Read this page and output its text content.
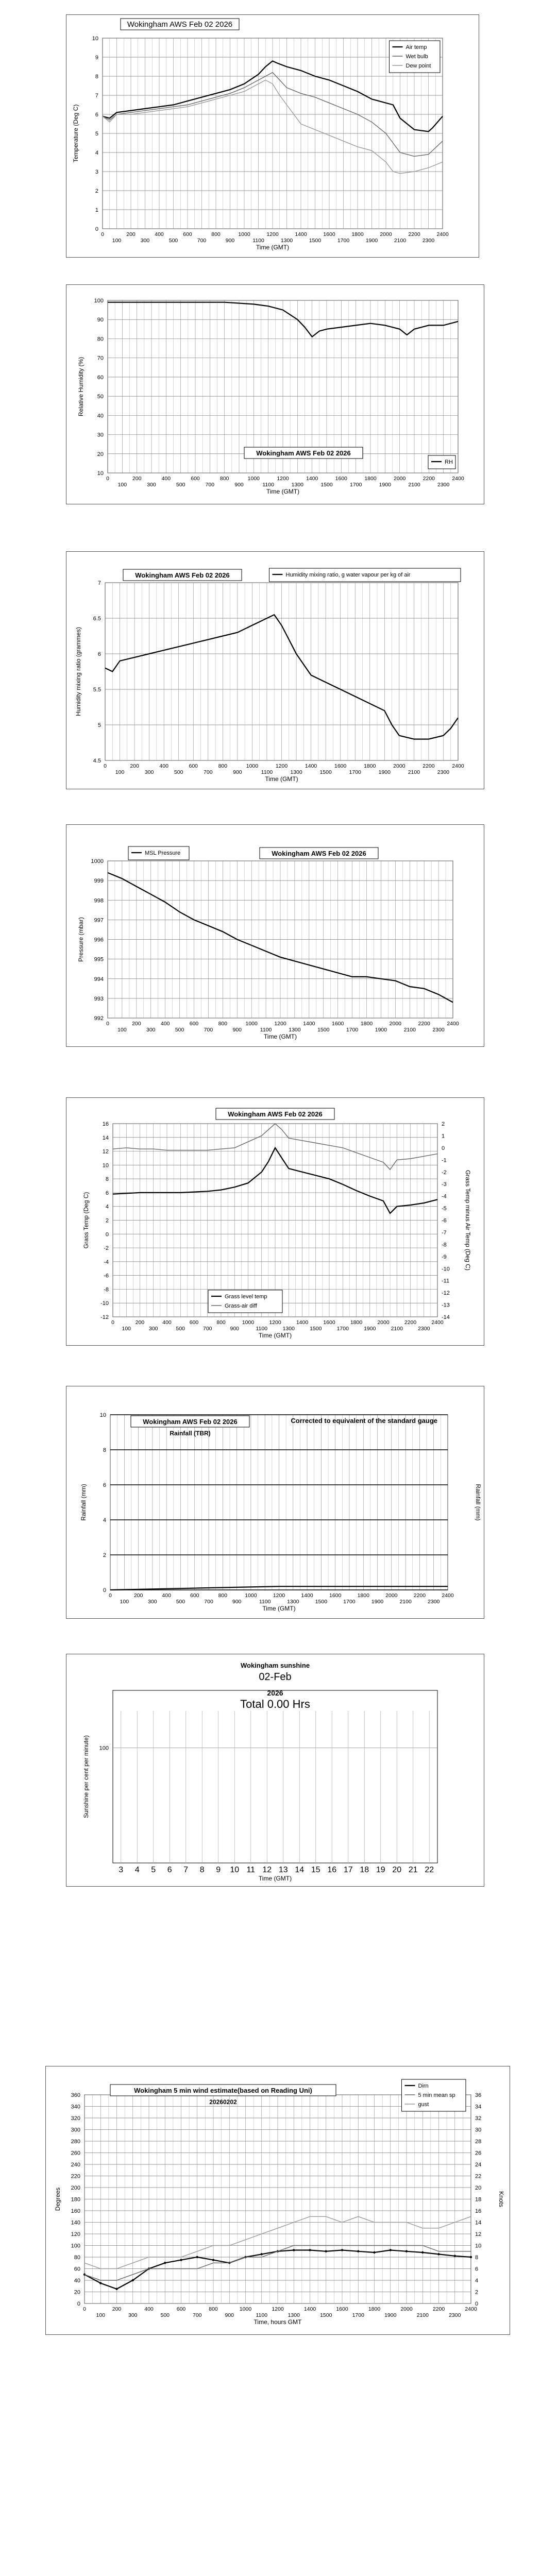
0
1
2
3
4
5
6
7
8
9
10
Temperature (Deg C)
0
100
200
300
400
500
600
700
800
900
1000
1100
1200
1300
1400
1500
1600
1700
1800
1900
2000
2100
2200
2300
2400
Time (GMT)
Wokingham AWS Feb 02 2026
Air temp
Wet bulb
Dew point
10
20
30
40
50
60
70
80
90
100
Relative Humidity (%)
0
100
200
300
400
500
600
700
800
900
1000
1100
1200
1300
1400
1500
1600
1700
1800
1900
2000
2100
2200
2300
2400
Time (GMT)
Wokingham AWS Feb 02 2026
RH
4.5
5
5.5
6
6.5
7
Humidity mixing ratio (grammes)
0
100
200
300
400
500
600
700
800
900
1000
1100
1200
1300
1400
1500
1600
1700
1800
1900
2000
2100
2200
2300
2400
Time (GMT)
Wokingham AWS Feb 02 2026	Humidity mixing ratio, g water vapour per kg of air
992
993
994
995
996
997
998
999
1000
Pressure (mbar)
0
100
200
300
400
500
600
700
800
900
1000
1100
1200
1300
1400
1500
1600
1700
1800
1900
2000
2100
2200
2300
2400
Time (GMT)
Wokingham AWS Feb 02 2026
MSL Pressure
-12
-10
-8
-6
-4
-2
0
2
4
6
8
10
12
14
16
-14
-13
-12
-11
-10
-9
-8
-7
-6
-5
-4
-3
-2
-1
0
1
2
Grass Temp minus Air Temp (Deg C)
Grass Temp (Deg C)
0
100
200
300
400
500
600
700
800
900
1000
1100
1200
1300
1400
1500
1600
1700
1800
1900
2000
2100
2200
2300
2400
Time (GMT)
Wokingham AWS Feb 02 2026
Grass level temp
Grass-air diff
0
2
4
6
8
10
Rainfall (mm)
Rainfall (mm)
0
100
200
300
400
500
600
700
800
900
1000
1100
1200
1300
1400
1500
1600
1700
1800
1900
2000
2100
2200
2300
2400
Time (GMT)
Wokingham AWS Feb 02 2026
Rainfall (TBR)
Corrected to equivalent of the standard gauge
100
Sunshine per cent per minute)
3 4 5 6 7 8 9 10 11 12 13 14 15 16 17 18 19 20 21 22
Time (GMT)
Wokingham sunshine
02-Feb
2026
Total 0.00 Hrs
0
20
40
60
80
100
120
140
160
180
200
220
240
260
280
300
320
340
360
0
2
4
6
8
10
12
14
16
18
20
22
24
26
28
30
32
34
36
Knots
Degrees
0
100
200
300
400
500
600
700
800
900
1000
1100
1200
1300
1400
1500
1600
1700
1800
1900
2000
2100
2200
2300
2400
Time, hours GMT
Wokingham 5 min wind estimate(based on Reading Uni)
20260202
Dirn
5 min mean sp
gust
